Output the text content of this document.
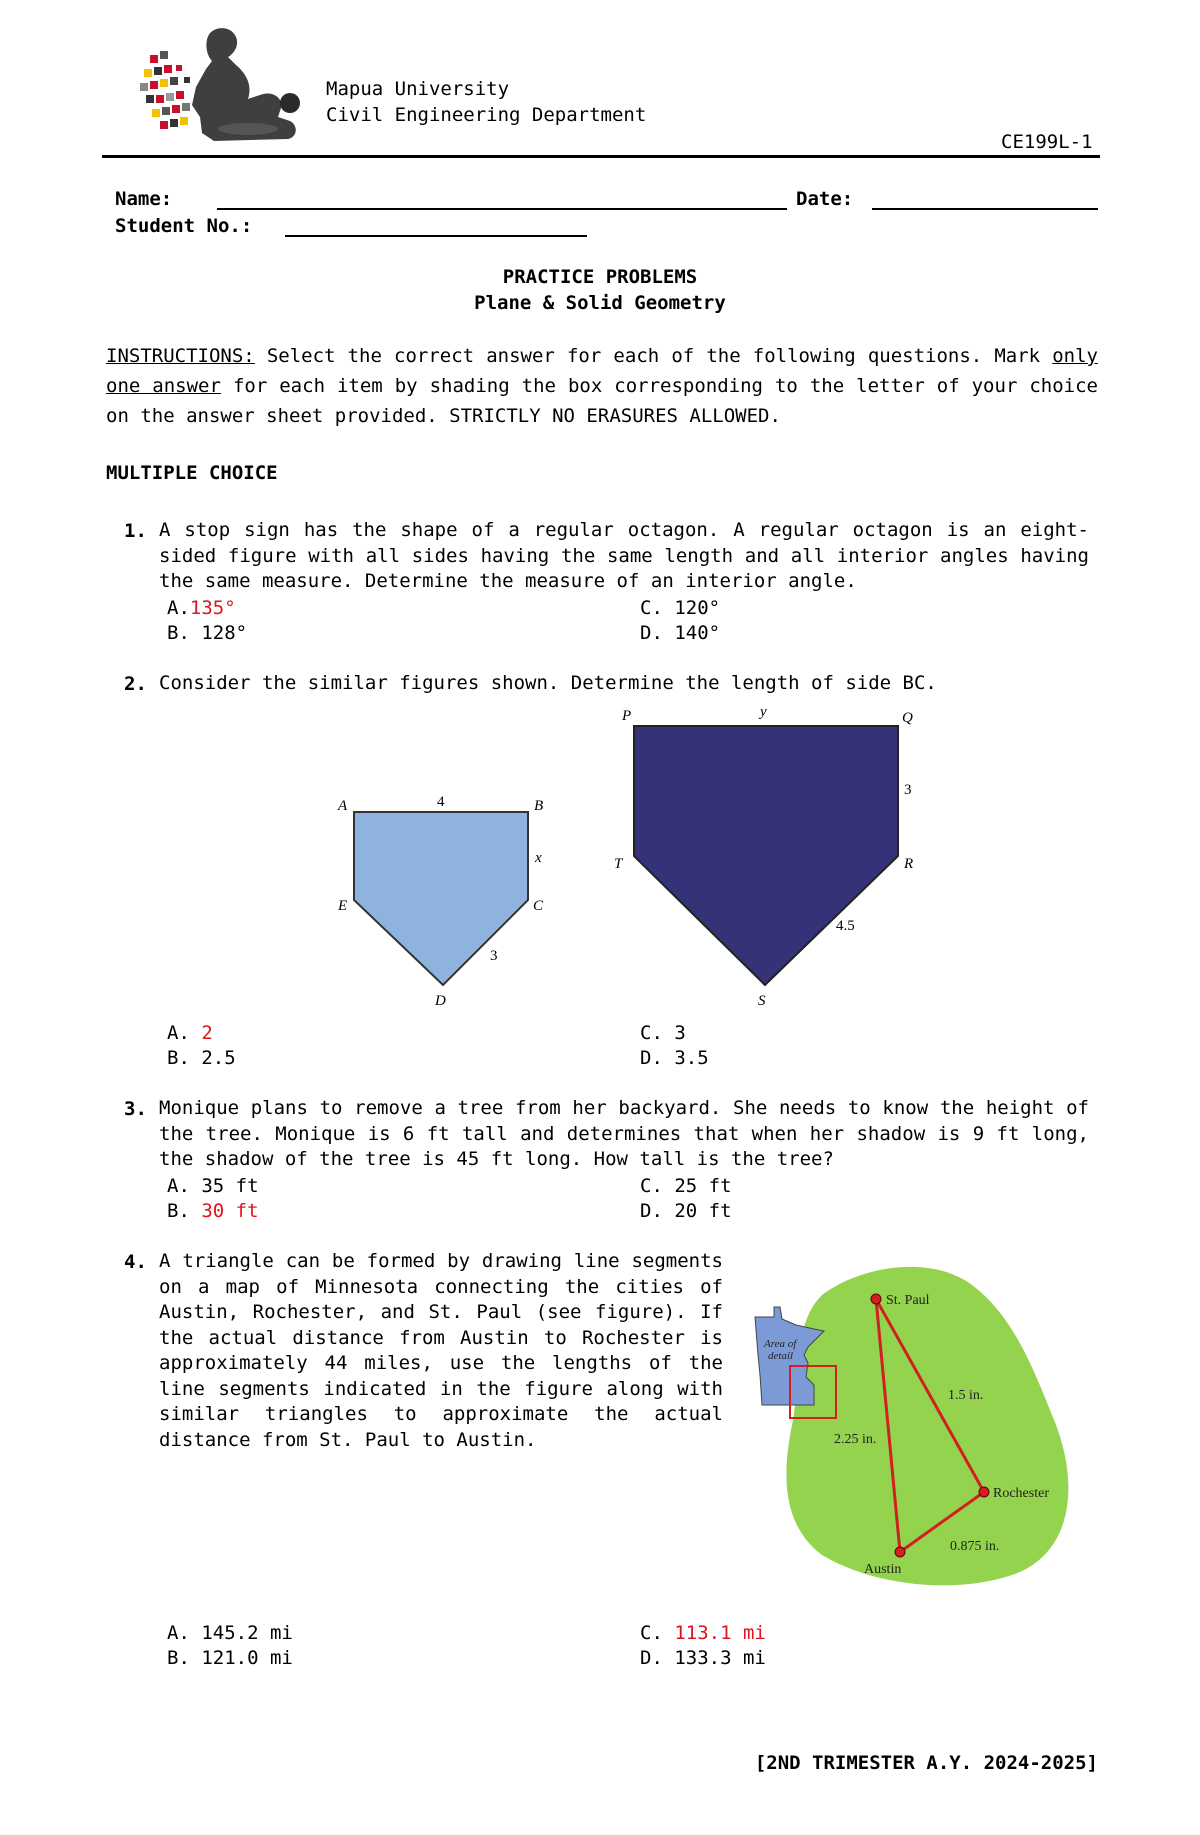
Mapua University
Civil Engineering Department
CE199L-1
Name:	Date:
Student No.:
PRACTICE PROBLEMS
Plane & Solid Geometry
INSTRUCTIONS: Select the correct answer for each of the following questions. Mark only one answer for each item by shading the box corresponding to the letter of your choice on the answer sheet provided. STRICTLY NO ERASURES ALLOWED.
MULTIPLE CHOICE
1. A stop sign has the shape of a regular octagon. A regular octagon is an eight-sided figure with all sides having the same length and all interior angles having the same measure. Determine the measure of an interior angle.
A.135°
B. 128°
C. 120°
D. 140°
2. Consider the similar figures shown. Determine the length of side BC.
A	B
C
D
E
4
x
3
P	Q
R
S
T
y
3
4.5
A. 2
B. 2.5
C. 3
D. 3.5
3. Monique plans to remove a tree from her backyard. She needs to know the height of the tree. Monique is 6 ft tall and determines that when her shadow is 9 ft long, the shadow of the tree is 45 ft long. How tall is the tree?
A. 35 ft
B. 30 ft
C. 25 ft
D. 20 ft
4. A triangle can be formed by drawing line segments on a map of Minnesota connecting the cities of Austin, Rochester, and St. Paul (see figure). If the actual distance from Austin to Rochester is approximately 44 miles, use the lengths of the line segments indicated in the figure along with similar triangles to approximate the actual distance from St. Paul to Austin.
Area of
detail
St. Paul
Rochester
Austin
1.5 in.
2.25 in.
0.875 in.
A. 145.2 mi
B. 121.0 mi
C. 113.1 mi
D. 133.3 mi
[2ND TRIMESTER A.Y. 2024-2025]
